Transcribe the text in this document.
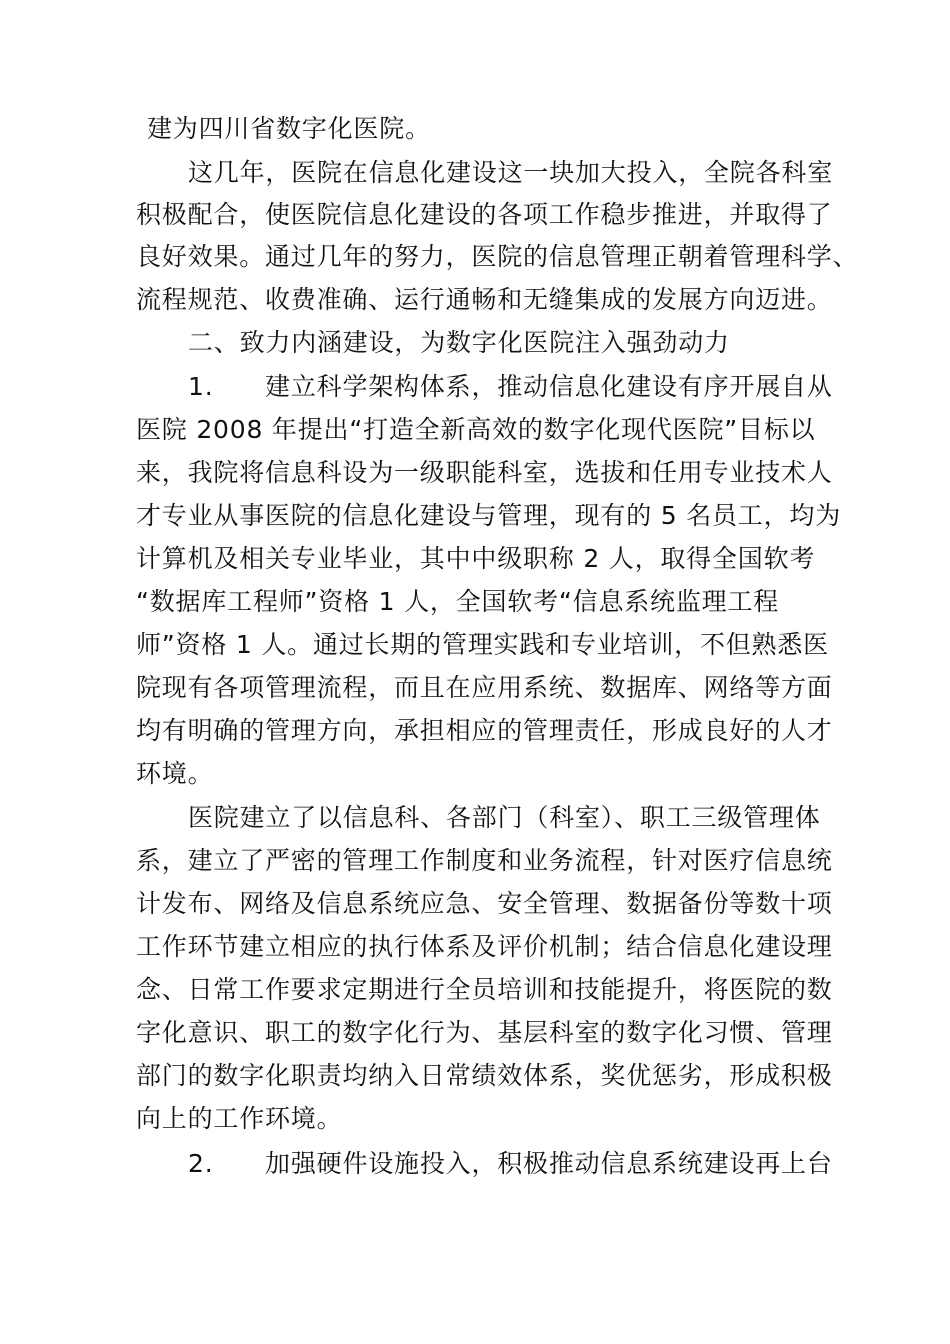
建为四川省数字化医院。
这几年，医院在信息化建设这一块加大投入，全院各科室
积极配合，使医院信息化建设的各项工作稳步推进，并取得了
良好效果。通过几年的努力，医院的信息管理正朝着管理科学、
流程规范、收费准确、运行通畅和无缝集成的发展方向迈进。
二、致力内涵建设，为数字化医院注入强劲动力
1.　　建立科学架构体系，推动信息化建设有序开展自从
医院 2008 年提出“打造全新高效的数字化现代医院”目标以
来，我院将信息科设为一级职能科室，选拔和任用专业技术人
才专业从事医院的信息化建设与管理，现有的 5 名员工，均为
计算机及相关专业毕业，其中中级职称 2 人，取得全国软考
“数据库工程师”资格 1 人，全国软考“信息系统监理工程
师”资格 1 人。通过长期的管理实践和专业培训，不但熟悉医
院现有各项管理流程，而且在应用系统、数据库、网络等方面
均有明确的管理方向，承担相应的管理责任，形成良好的人才
环境。
医院建立了以信息科、各部门（科室）、职工三级管理体
系，建立了严密的管理工作制度和业务流程，针对医疗信息统
计发布、网络及信息系统应急、安全管理、数据备份等数十项
工作环节建立相应的执行体系及评价机制；结合信息化建设理
念、日常工作要求定期进行全员培训和技能提升，将医院的数
字化意识、职工的数字化行为、基层科室的数字化习惯、管理
部门的数字化职责均纳入日常绩效体系，奖优惩劣，形成积极
向上的工作环境。
2.　　加强硬件设施投入，积极推动信息系统建设再上台
